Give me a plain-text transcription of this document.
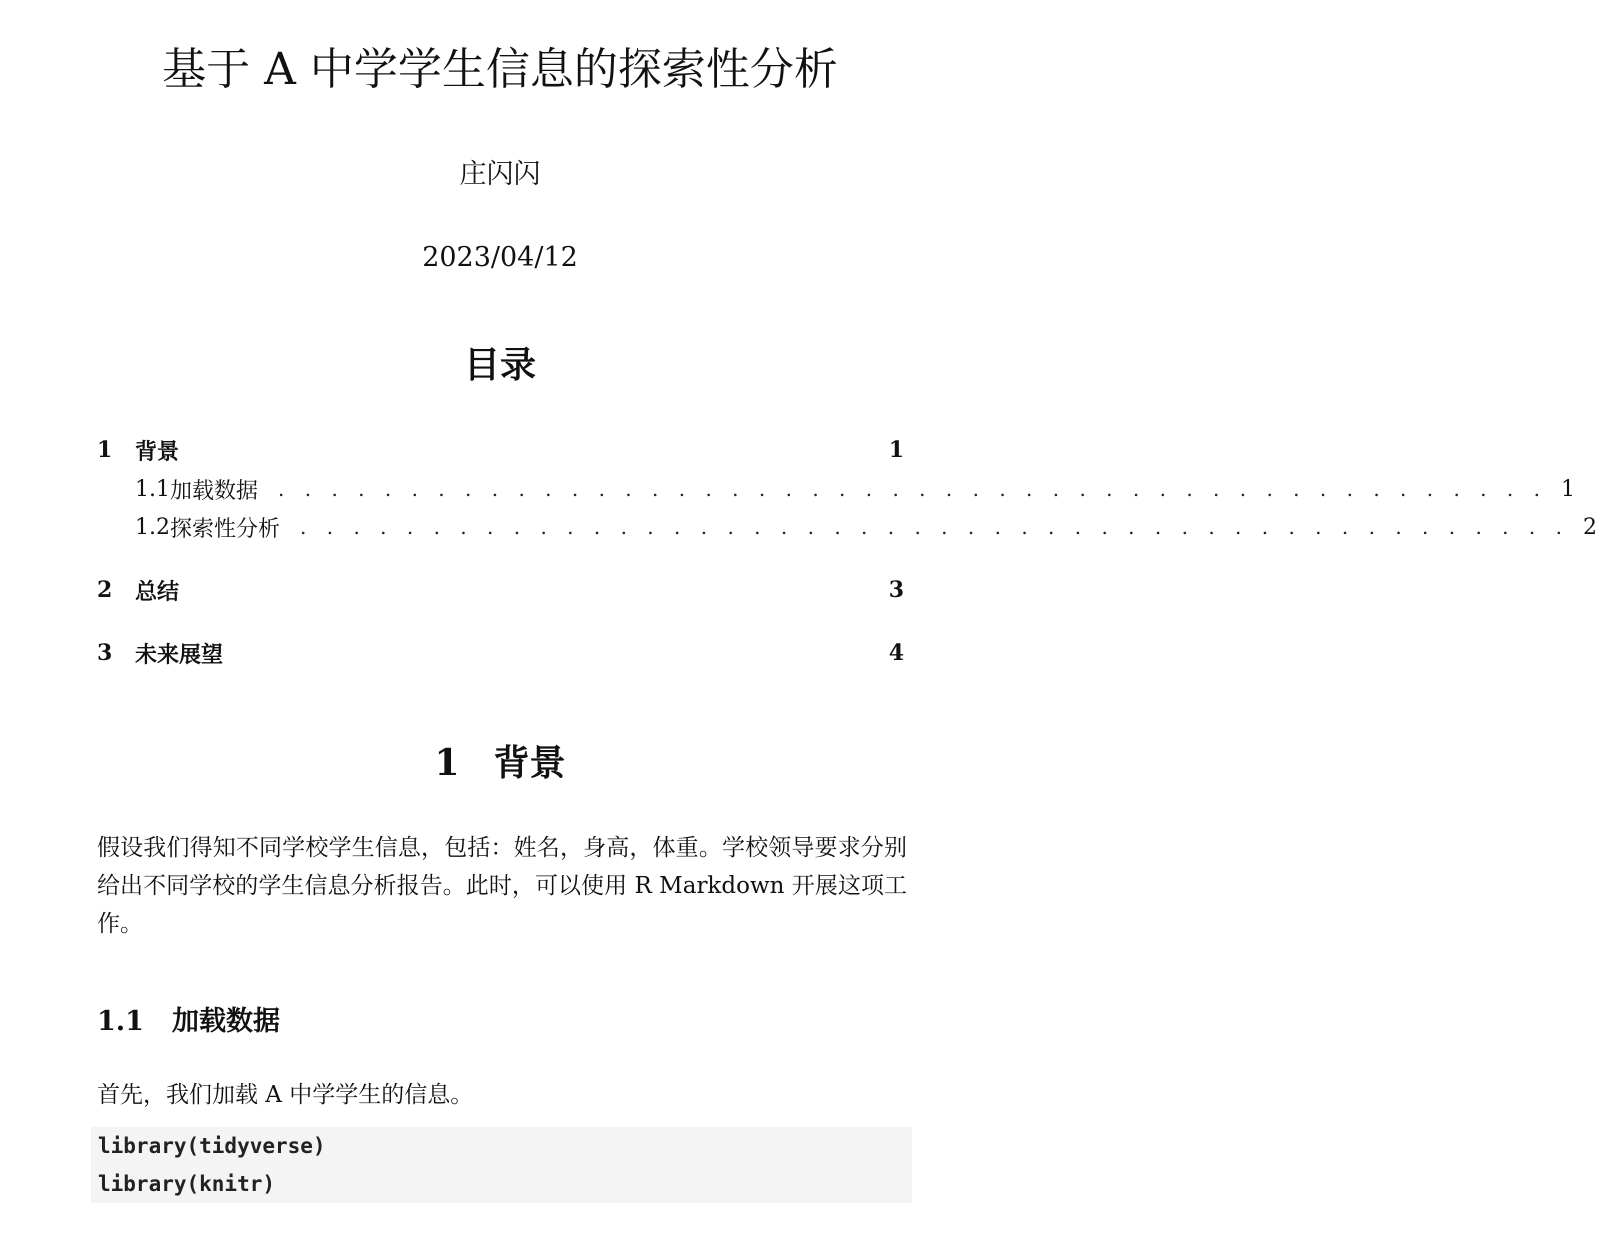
基于 A 中学学生信息的探索性分析
庄闪闪
2023/04/12
目录
1	背景	1
1.1 加载数据	. . . . . . . . . . . . . . . . . . . . . . . . . . . . . . . . . . . . . . . . . . . . . . . . 1
1.2 探索性分析	. . . . . . . . . . . . . . . . . . . . . . . . . . . . . . . . . . . . . . . . . . . . . . . . 2
2	总结	3
3	未来展望	4
1 背景
假设我们得知不同学校学生信息，包括：姓名，身高，体重。学校领导要求分别给出不同学校的学生信息分析报告。此时，可以使用 R Markdown 开展这项工作。
1.1 加载数据
首先，我们加载 A 中学学生的信息。
library(tidyverse)
library(knitr)
